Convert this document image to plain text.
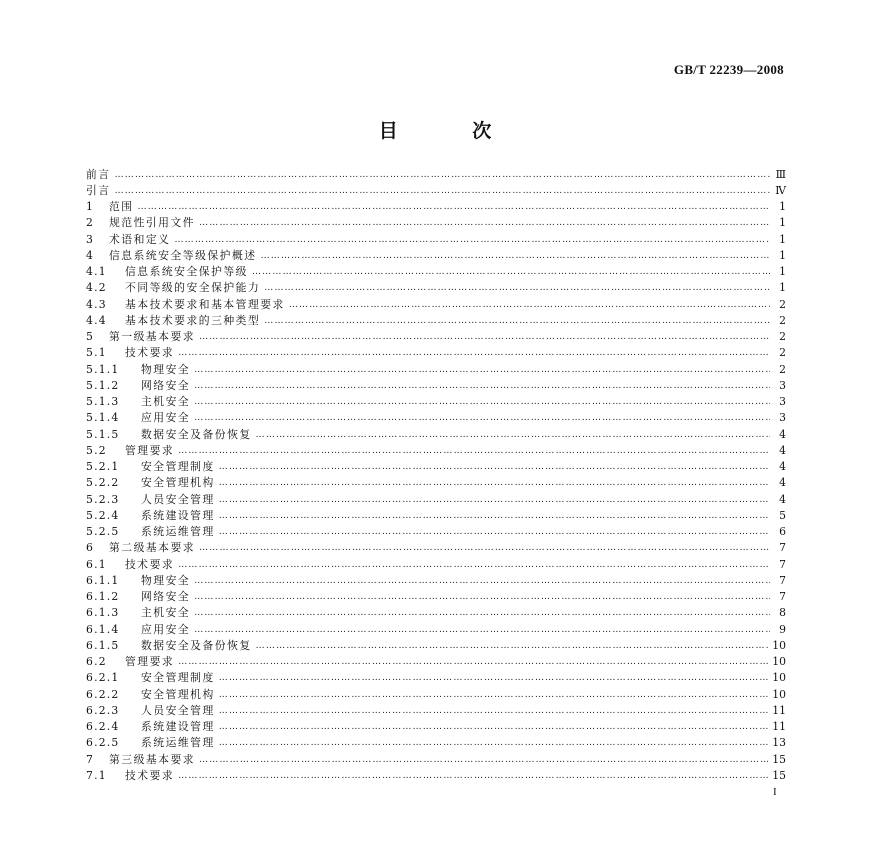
GB/T 22239—2008
目 次
前言 …………………………………………………………………………………………………………………………………………………………………………………………………………………………	Ⅲ
引言 …………………………………………………………………………………………………………………………………………………………………………………………………………………………	Ⅳ
1	范围 …………………………………………………………………………………………………………………………………………………………………………………………………………………………	1
2	规范性引用文件 …………………………………………………………………………………………………………………………………………………………………………………………………………………………	1
3	术语和定义 …………………………………………………………………………………………………………………………………………………………………………………………………………………………	1
4	信息系统安全等级保护概述 …………………………………………………………………………………………………………………………………………………………………………………………………………………………	1
4.1	信息系统安全保护等级 …………………………………………………………………………………………………………………………………………………………………………………………………………………………	1
4.2	不同等级的安全保护能力 …………………………………………………………………………………………………………………………………………………………………………………………………………………………	1
4.3	基本技术要求和基本管理要求 …………………………………………………………………………………………………………………………………………………………………………………………………………………………	2
4.4	基本技术要求的三种类型 …………………………………………………………………………………………………………………………………………………………………………………………………………………………	2
5	第一级基本要求 …………………………………………………………………………………………………………………………………………………………………………………………………………………………	2
5.1	技术要求 …………………………………………………………………………………………………………………………………………………………………………………………………………………………	2
5.1.1	物理安全 …………………………………………………………………………………………………………………………………………………………………………………………………………………………	2
5.1.2	网络安全 …………………………………………………………………………………………………………………………………………………………………………………………………………………………	3
5.1.3	主机安全 …………………………………………………………………………………………………………………………………………………………………………………………………………………………	3
5.1.4	应用安全 …………………………………………………………………………………………………………………………………………………………………………………………………………………………	3
5.1.5	数据安全及备份恢复 …………………………………………………………………………………………………………………………………………………………………………………………………………………………	4
5.2	管理要求 …………………………………………………………………………………………………………………………………………………………………………………………………………………………	4
5.2.1	安全管理制度 …………………………………………………………………………………………………………………………………………………………………………………………………………………………	4
5.2.2	安全管理机构 …………………………………………………………………………………………………………………………………………………………………………………………………………………………	4
5.2.3	人员安全管理 …………………………………………………………………………………………………………………………………………………………………………………………………………………………	4
5.2.4	系统建设管理 …………………………………………………………………………………………………………………………………………………………………………………………………………………………	5
5.2.5	系统运维管理 …………………………………………………………………………………………………………………………………………………………………………………………………………………………	6
6	第二级基本要求 …………………………………………………………………………………………………………………………………………………………………………………………………………………………	7
6.1	技术要求 …………………………………………………………………………………………………………………………………………………………………………………………………………………………	7
6.1.1	物理安全 …………………………………………………………………………………………………………………………………………………………………………………………………………………………	7
6.1.2	网络安全 …………………………………………………………………………………………………………………………………………………………………………………………………………………………	7
6.1.3	主机安全 …………………………………………………………………………………………………………………………………………………………………………………………………………………………	8
6.1.4	应用安全 …………………………………………………………………………………………………………………………………………………………………………………………………………………………	9
6.1.5	数据安全及备份恢复 …………………………………………………………………………………………………………………………………………………………………………………………………………………………	10
6.2	管理要求 …………………………………………………………………………………………………………………………………………………………………………………………………………………………	10
6.2.1	安全管理制度 …………………………………………………………………………………………………………………………………………………………………………………………………………………………	10
6.2.2	安全管理机构 …………………………………………………………………………………………………………………………………………………………………………………………………………………………	10
6.2.3	人员安全管理 …………………………………………………………………………………………………………………………………………………………………………………………………………………………	11
6.2.4	系统建设管理 …………………………………………………………………………………………………………………………………………………………………………………………………………………………	11
6.2.5	系统运维管理 …………………………………………………………………………………………………………………………………………………………………………………………………………………………	13
7	第三级基本要求 …………………………………………………………………………………………………………………………………………………………………………………………………………………………	15
7.1	技术要求 …………………………………………………………………………………………………………………………………………………………………………………………………………………………	15
I
